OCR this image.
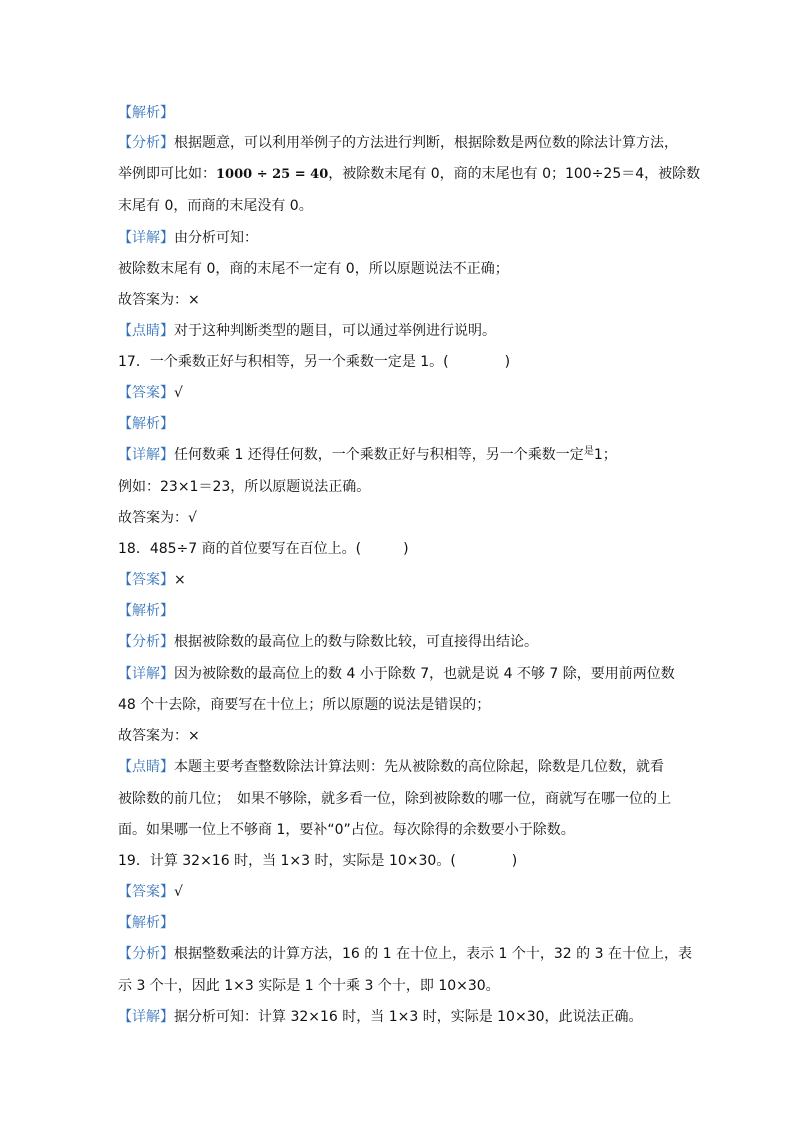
【解析】
【分析】根据题意，可以利用举例子的方法进行判断，根据除数是两位数的除法计算方法，
举例即可比如：1000 ÷ 25 = 40，被除数末尾有 0，商的末尾也有 0；100÷25＝4，被除数
末尾有 0，而商的末尾没有 0。
【详解】由分析可知：
被除数末尾有 0，商的末尾不一定有 0，所以原题说法不正确；
故答案为：×
【点睛】对于这种判断类型的题目，可以通过举例进行说明。
17．一个乘数正好与积相等，另一个乘数一定是 1。(　　　　)
【答案】√
【解析】
【详解】任何数乘 1 还得任何数，一个乘数正好与积相等，另一个乘数一定$^是$1；
例如：23×1＝23，所以原题说法正确。
故答案为：√
18．485÷7 商的首位要写在百位上。(　　　)
【答案】×
【解析】
【分析】根据被除数的最高位上的数与除数比较，可直接得出结论。
【详解】因为被除数的最高位上的数 4 小于除数 7，也就是说 4 不够 7 除，要用前两位数
48 个十去除，商要写在十位上；所以原题的说法是错误的；
故答案为：×
【点睛】本题主要考查整数除法计算法则：先从被除数的高位除起，除数是几位数，就看
被除数的前几位；　如果不够除，就多看一位，除到被除数的哪一位，商就写在哪一位的上
面。如果哪一位上不够商 1，要补“0”占位。每次除得的余数要小于除数。
19．计算 32×16 时，当 1×3 时，实际是 10×30。(　　　　)
【答案】√
【解析】
【分析】根据整数乘法的计算方法，16 的 1 在十位上，表示 1 个十，32 的 3 在十位上，表
示 3 个十，因此 1×3 实际是 1 个十乘 3 个十，即 10×30。
【详解】据分析可知：计算 32×16 时，当 1×3 时，实际是 10×30，此说法正确。
